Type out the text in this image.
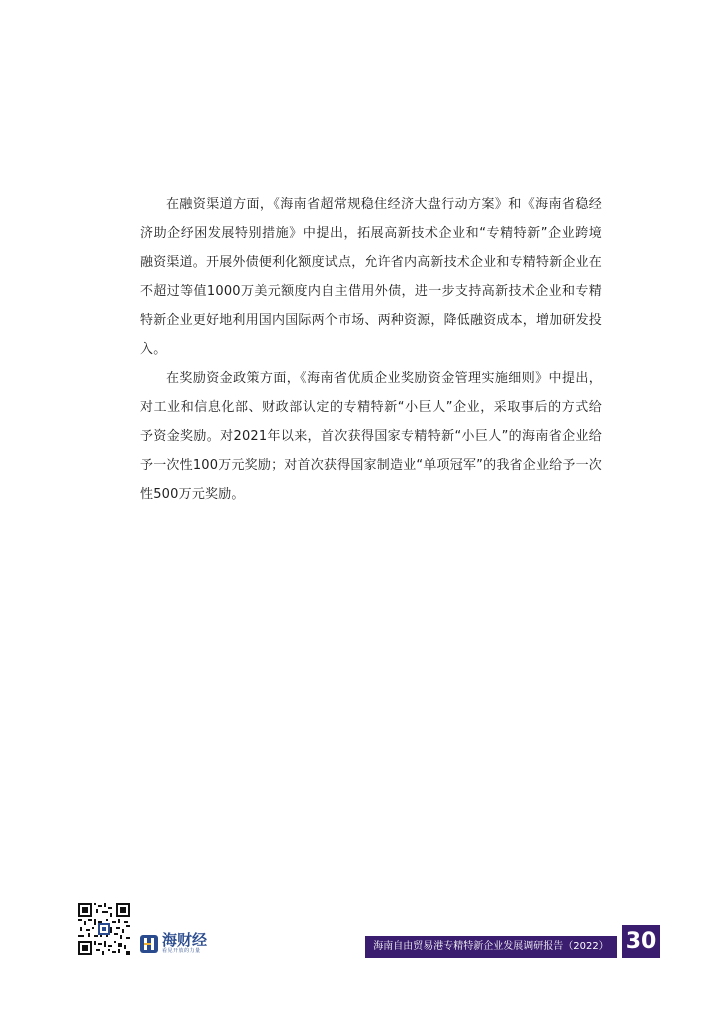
在融资渠道方面，《海南省超常规稳住经济大盘行动方案》和《海南省稳经济助企纾困发展特别措施》中提出，拓展高新技术企业和“专精特新”企业跨境融资渠道。开展外债便利化额度试点，允许省内高新技术企业和专精特新企业在不超过等值1000万美元额度内自主借用外债，进一步支持高新技术企业和专精特新企业更好地利用国内国际两个市场、两种资源，降低融资成本，增加研发投入。

在奖励资金政策方面，《海南省优质企业奖励资金管理实施细则》中提出，对工业和信息化部、财政部认定的专精特新“小巨人”企业，采取事后的方式给予资金奖励。对2021年以来，首次获得国家专精特新“小巨人”的海南省企业给予一次性100万元奖励；对首次获得国家制造业“单项冠军”的我省企业给予一次性500万元奖励。

海财经
看见开放的力量	海南自由贸易港专精特新企业发展调研报告（2022） 30
